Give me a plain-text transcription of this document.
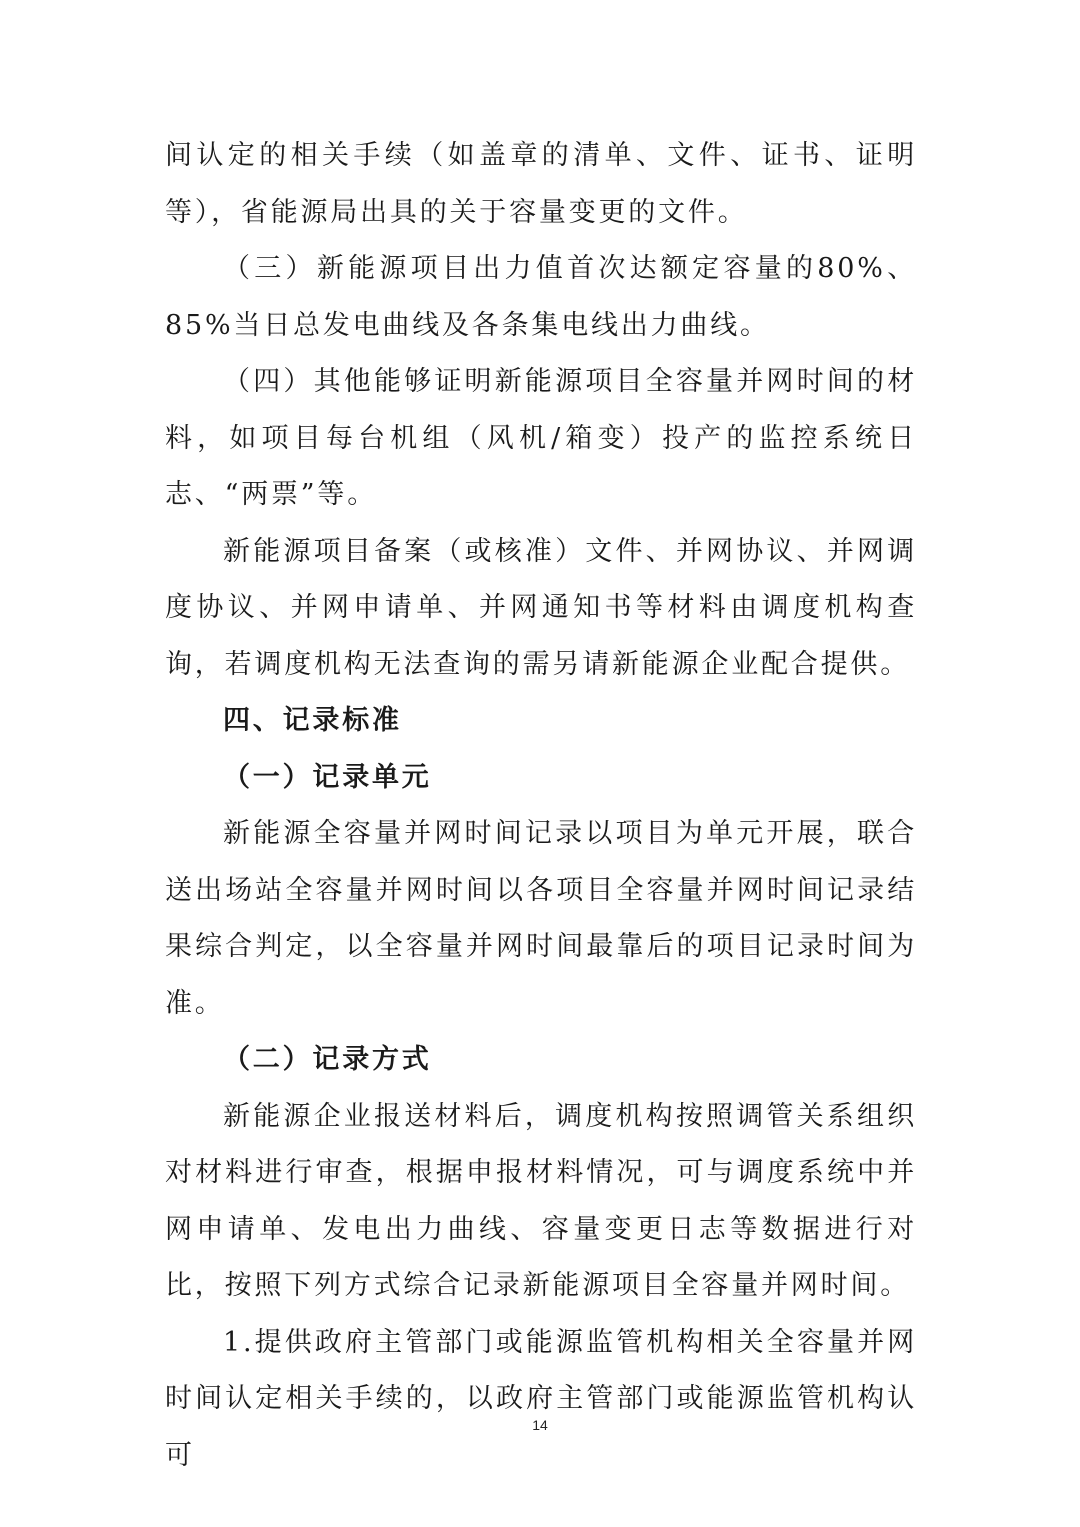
间认定的相关手续（如盖章的清单、文件、证书、证明等），省能源局出具的关于容量变更的文件。

（三）新能源项目出力值首次达额定容量的80%、85%当日总发电曲线及各条集电线出力曲线。

（四）其他能够证明新能源项目全容量并网时间的材料，如项目每台机组（风机/箱变）投产的监控系统日志、“两票”等。

新能源项目备案（或核准）文件、并网协议、并网调度协议、并网申请单、并网通知书等材料由调度机构查询，若调度机构无法查询的需另请新能源企业配合提供。

四、记录标准

（一）记录单元

新能源全容量并网时间记录以项目为单元开展，联合送出场站全容量并网时间以各项目全容量并网时间记录结果综合判定，以全容量并网时间最靠后的项目记录时间为准。

（二）记录方式

新能源企业报送材料后，调度机构按照调管关系组织对材料进行审查，根据申报材料情况，可与调度系统中并网申请单、发电出力曲线、容量变更日志等数据进行对比，按照下列方式综合记录新能源项目全容量并网时间。

1.提供政府主管部门或能源监管机构相关全容量并网时间认定相关手续的，以政府主管部门或能源监管机构认可

14
